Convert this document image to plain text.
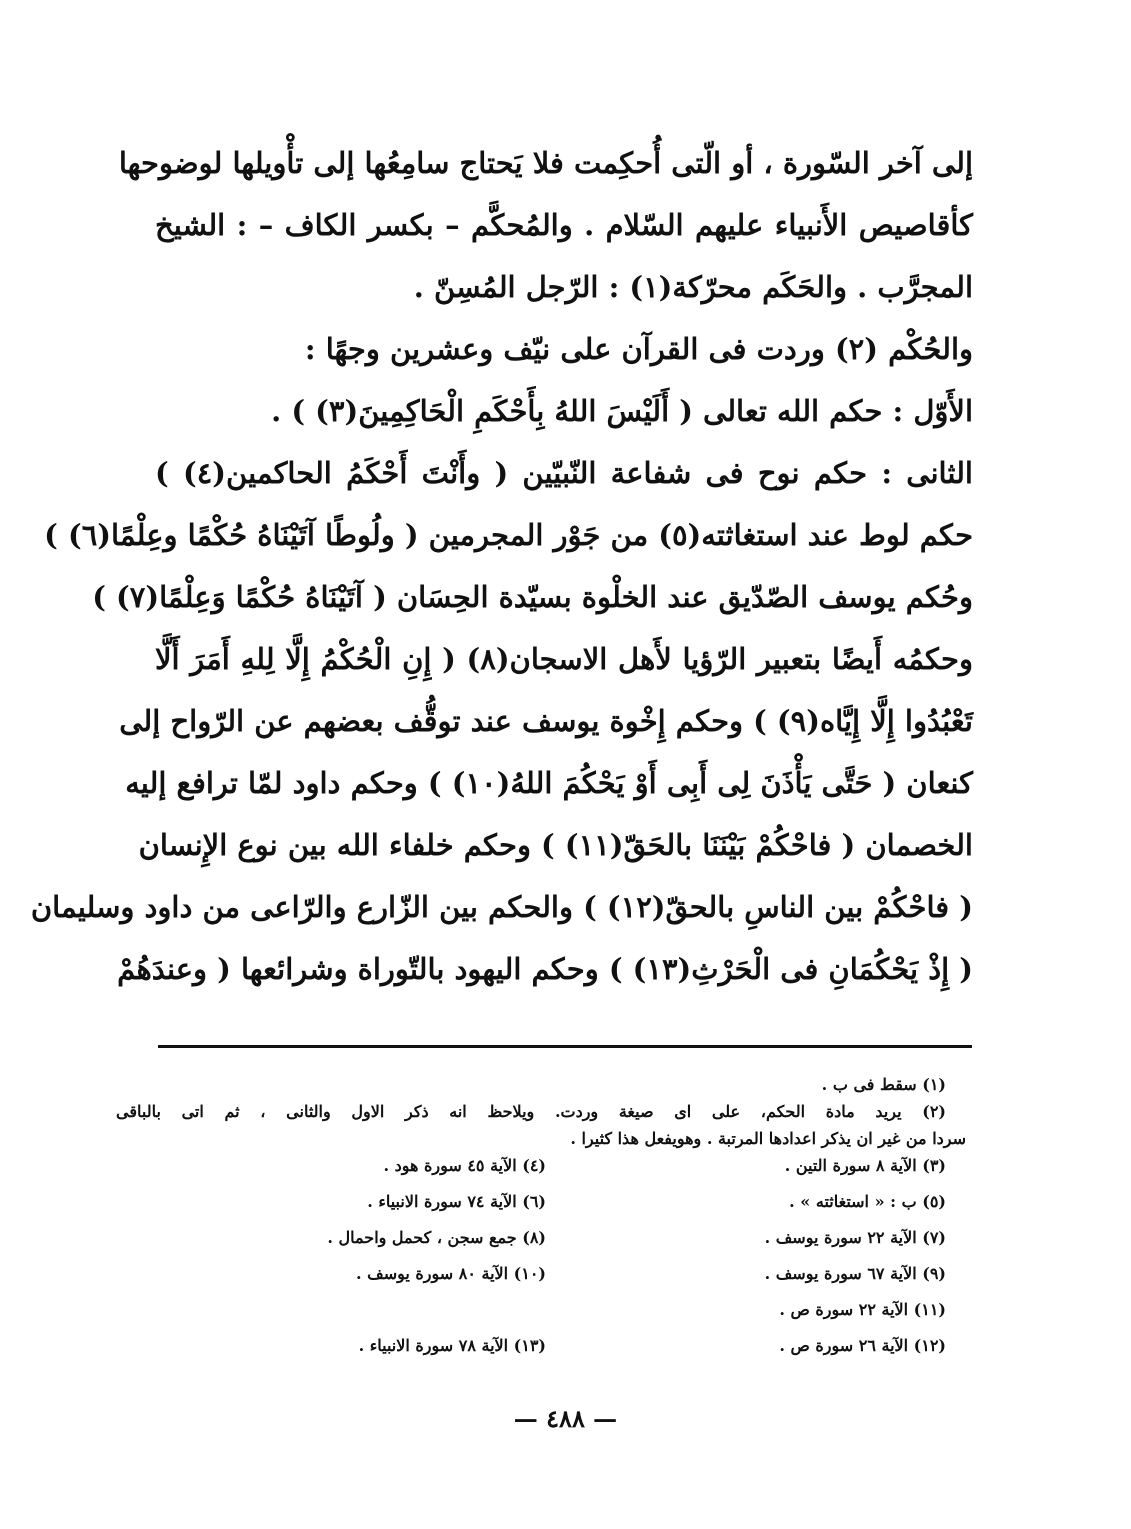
إلى آخر السّورة ، أو الّتى أُحكِمت فلا يَحتاج سامِعُها إلى تأْويلها لوضوحها
كأقاصيص الأَنبياء عليهم السّلام . والمُحكَّم – بكسر الكاف – : الشيخ
المجرَّب . والحَكَم محرّكة(١) : الرّجل المُسِنّ .
والحُكْم (٢) وردت فى القرآن على نيّف وعشرين وجهًا :
الأَوّل : حكم الله تعالى ( أَلَيْسَ اللهُ بِأَحْكَمِ الْحَاكِمِينَ(٣) ) .
الثانى : حكم نوح فى شفاعة النّبيّين ( وأَنْتَ أَحْكَمُ الحاكمين(٤) )
حكم لوط عند استغاثته(٥) من جَوْر المجرمين ( ولُوطًا آتَيْنَاهُ حُكْمًا وعِلْمًا(٦) )
وحُكم يوسف الصّدّيق عند الخلْوة بسيّدة الحِسَان ( آتَيْنَاهُ حُكْمًا وَعِلْمًا(٧) )
وحكمُه أَيضًا بتعبير الرّؤيا لأَهل الاسجان(٨) ( إِنِ الْحُكْمُ إِلَّا لِلهِ أَمَرَ أَلَّا
تَعْبُدُوا إِلَّا إِيَّاه(٩) ) وحكم إِخْوة يوسف عند توقُّف بعضهم عن الرّواح إلى
كنعان ( حَتَّى يَأْذَنَ لِى أَبِى أَوْ يَحْكُمَ اللهُ(١٠) ) وحكم داود لمّا ترافع إليه
الخصمان ( فاحْكُمْ بَيْنَنَا بالحَقّ(١١) ) وحكم خلفاء الله بين نوع الإِنسان
( فاحْكُمْ بين الناسِ بالحقّ(١٢) ) والحكم بين الزّارع والرّاعى من داود وسليمان
( إِذْ يَحْكُمَانِ فى الْحَرْثِ(١٣) ) وحكم اليهود بالتّوراة وشرائعها ( وعندَهُمْ
(١) سقط فى ب .
(٢) يريد مادة الحكم، على اى صيغة وردت. ويلاحظ انه ذكر الاول والثانى ، ثم اتى بالباقى
سردا من غير ان يذكر اعدادها المرتبة . وهويفعل هذا كثيرا .
(٣) الآية ٨ سورة التين .
(٤) الآية ٤٥ سورة هود .
(٥) ب : « استغاثته » .
(٦) الآية ٧٤ سورة الانبياء .
(٧) الآية ٢٢ سورة يوسف .
(٨) جمع سجن ، كحمل واحمال .
(٩) الآية ٦٧ سورة يوسف .
(١٠) الآية ٨٠ سورة يوسف .
(١١) الآية ٢٢ سورة ص .
(١٢) الآية ٢٦ سورة ص .
(١٣) الآية ٧٨ سورة الانبياء .
— ٤٨٨ —
